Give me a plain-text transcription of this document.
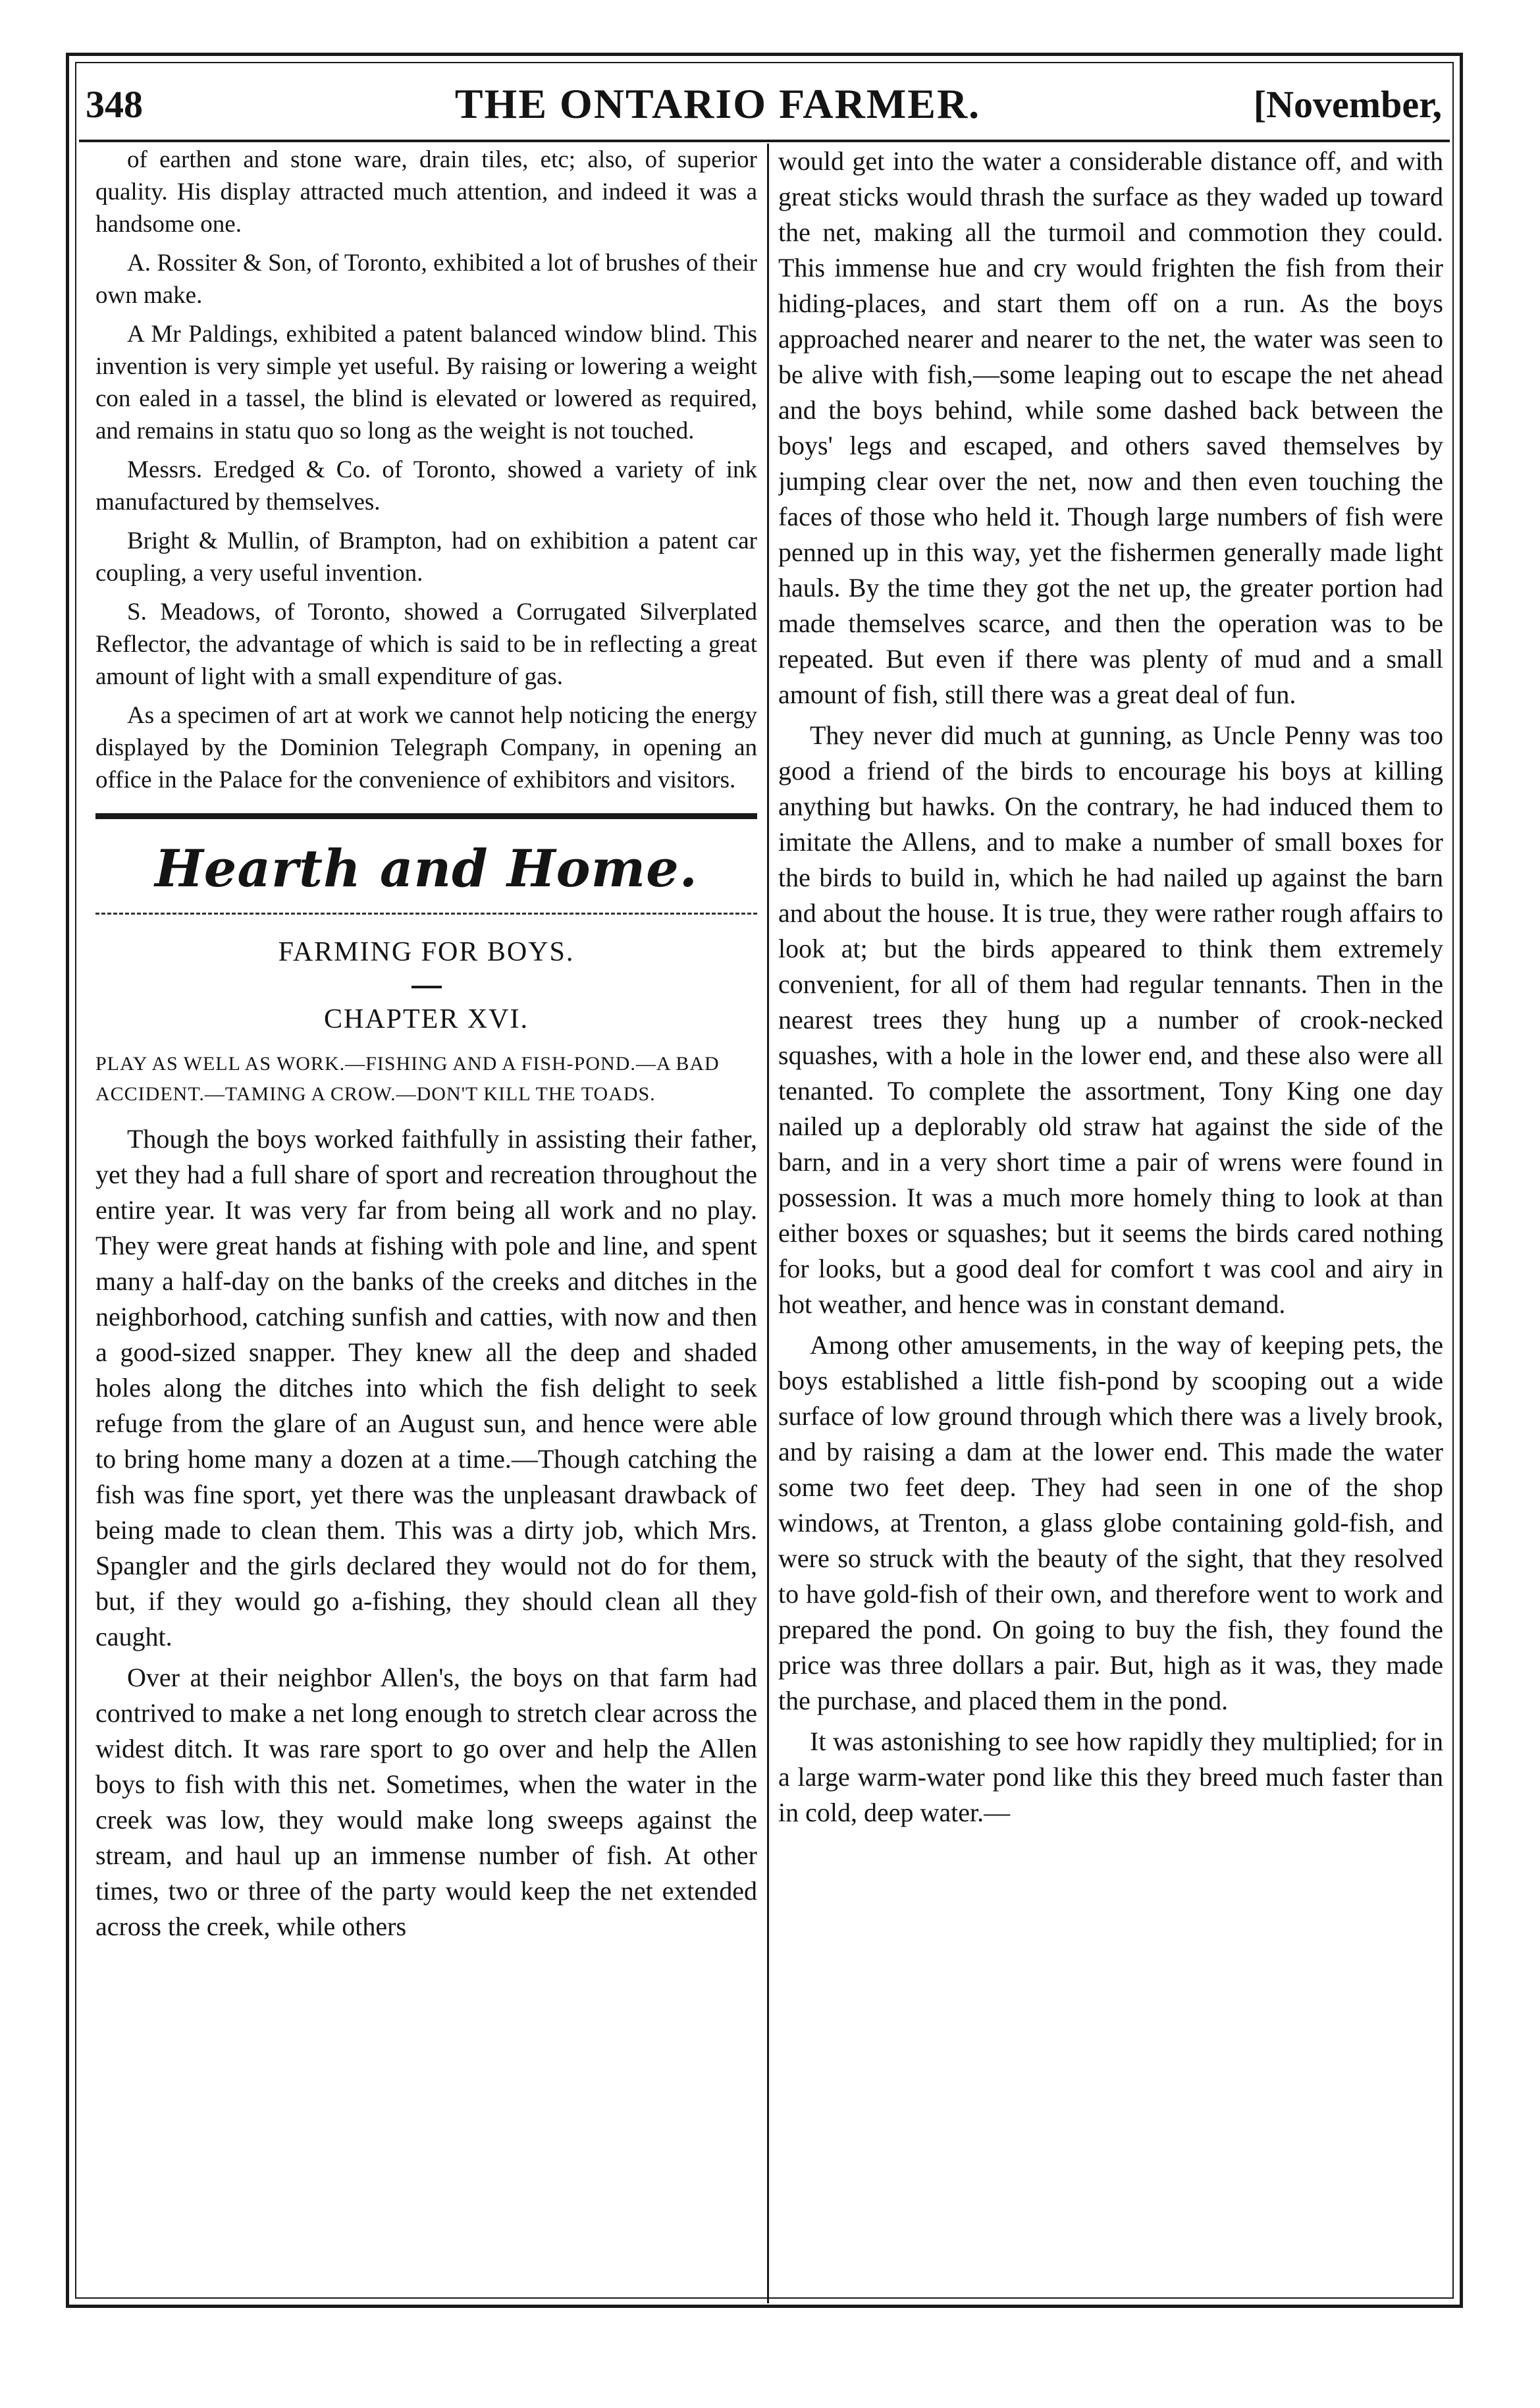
348	THE ONTARIO FARMER.	[November,

of earthen and stone ware, drain tiles, etc; also, of superior quality. His display attracted much attention, and indeed it was a handsome one.

A. Rossiter & Son, of Toronto, exhibited a lot of brushes of their own make.

A Mr Paldings, exhibited a patent balanced window blind. This invention is very simple yet useful. By raising or lowering a weight con ealed in a tassel, the blind is elevated or lowered as required, and remains in statu quo so long as the weight is not touched.

Messrs. Eredged & Co. of Toronto, showed a variety of ink manufactured by themselves.

Bright & Mullin, of Brampton, had on exhibition a patent car coupling, a very useful invention.

S. Meadows, of Toronto, showed a Corrugated Silverplated Reflector, the advantage of which is said to be in reflecting a great amount of light with a small expenditure of gas.

As a specimen of art at work we cannot help noticing the energy displayed by the Dominion Telegraph Company, in opening an office in the Palace for the convenience of exhibitors and visitors.

Hearth and Home.
FARMING FOR BOYS.
CHAPTER XVI.
PLAY AS WELL AS WORK.—FISHING AND A FISH-POND.—A BAD ACCIDENT.—TAMING A CROW.—DON'T KILL THE TOADS.

Though the boys worked faithfully in assisting their father, yet they had a full share of sport and recreation throughout the entire year. It was very far from being all work and no play. They were great hands at fishing with pole and line, and spent many a half-day on the banks of the creeks and ditches in the neighborhood, catching sunfish and catties, with now and then a good-sized snapper. They knew all the deep and shaded holes along the ditches into which the fish delight to seek refuge from the glare of an August sun, and hence were able to bring home many a dozen at a time.—Though catching the fish was fine sport, yet there was the unpleasant drawback of being made to clean them. This was a dirty job, which Mrs. Spangler and the girls declared they would not do for them, but, if they would go a-fishing, they should clean all they caught.

Over at their neighbor Allen's, the boys on that farm had contrived to make a net long enough to stretch clear across the widest ditch. It was rare sport to go over and help the Allen boys to fish with this net. Sometimes, when the water in the creek was low, they would make long sweeps against the stream, and haul up an immense number of fish. At other times, two or three of the party would keep the net extended across the creek, while others

would get into the water a considerable distance off, and with great sticks would thrash the surface as they waded up toward the net, making all the turmoil and commotion they could. This immense hue and cry would frighten the fish from their hiding-places, and start them off on a run. As the boys approached nearer and nearer to the net, the water was seen to be alive with fish,—some leaping out to escape the net ahead and the boys behind, while some dashed back between the boys' legs and escaped, and others saved themselves by jumping clear over the net, now and then even touching the faces of those who held it. Though large numbers of fish were penned up in this way, yet the fishermen generally made light hauls. By the time they got the net up, the greater portion had made themselves scarce, and then the operation was to be repeated. But even if there was plenty of mud and a small amount of fish, still there was a great deal of fun.

They never did much at gunning, as Uncle Penny was too good a friend of the birds to encourage his boys at killing anything but hawks. On the contrary, he had induced them to imitate the Allens, and to make a number of small boxes for the birds to build in, which he had nailed up against the barn and about the house. It is true, they were rather rough affairs to look at; but the birds appeared to think them extremely convenient, for all of them had regular tennants. Then in the nearest trees they hung up a number of crook-necked squashes, with a hole in the lower end, and these also were all tenanted. To complete the assortment, Tony King one day nailed up a deplorably old straw hat against the side of the barn, and in a very short time a pair of wrens were found in possession. It was a much more homely thing to look at than either boxes or squashes; but it seems the birds cared nothing for looks, but a good deal for comfort t was cool and airy in hot weather, and hence was in constant demand.

Among other amusements, in the way of keeping pets, the boys established a little fish-pond by scooping out a wide surface of low ground through which there was a lively brook, and by raising a dam at the lower end. This made the water some two feet deep. They had seen in one of the shop windows, at Trenton, a glass globe containing gold-fish, and were so struck with the beauty of the sight, that they resolved to have gold-fish of their own, and therefore went to work and prepared the pond. On going to buy the fish, they found the price was three dollars a pair. But, high as it was, they made the purchase, and placed them in the pond.

It was astonishing to see how rapidly they multiplied; for in a large warm-water pond like this they breed much faster than in cold, deep water.—
